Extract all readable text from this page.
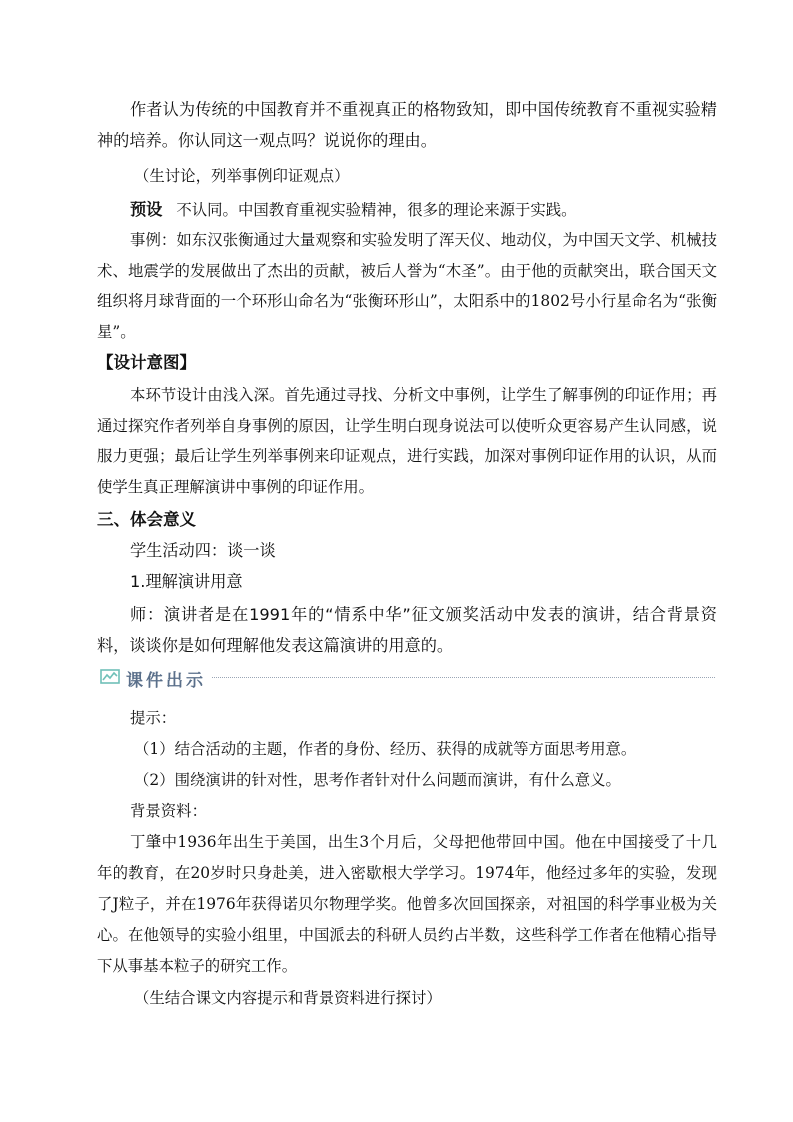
作者认为传统的中国教育并不重视真正的格物致知，即中国传统教育不重视实验精神的培养。你认同这一观点吗？说说你的理由。

（生讨论，列举事例印证观点）

预设 不认同。中国教育重视实验精神，很多的理论来源于实践。

事例：如东汉张衡通过大量观察和实验发明了浑天仪、地动仪，为中国天文学、机械技术、地震学的发展做出了杰出的贡献，被后人誉为“木圣”。由于他的贡献突出，联合国天文组织将月球背面的一个环形山命名为“张衡环形山”，太阳系中的1802号小行星命名为“张衡星”。

【设计意图】

本环节设计由浅入深。首先通过寻找、分析文中事例，让学生了解事例的印证作用；再通过探究作者列举自身事例的原因，让学生明白现身说法可以使听众更容易产生认同感，说服力更强；最后让学生列举事例来印证观点，进行实践，加深对事例印证作用的认识，从而使学生真正理解演讲中事例的印证作用。

三、体会意义

学生活动四：谈一谈

1.理解演讲用意

师：演讲者是在1991年的“情系中华”征文颁奖活动中发表的演讲，结合背景资料，谈谈你是如何理解他发表这篇演讲的用意的。

课件出示

提示：

（1）结合活动的主题，作者的身份、经历、获得的成就等方面思考用意。

（2）围绕演讲的针对性，思考作者针对什么问题而演讲，有什么意义。

背景资料：

丁肇中1936年出生于美国，出生3个月后，父母把他带回中国。他在中国接受了十几年的教育，在20岁时只身赴美，进入密歇根大学学习。1974年，他经过多年的实验，发现了J粒子，并在1976年获得诺贝尔物理学奖。他曾多次回国探亲，对祖国的科学事业极为关心。在他领导的实验小组里，中国派去的科研人员约占半数，这些科学工作者在他精心指导下从事基本粒子的研究工作。

（生结合课文内容提示和背景资料进行探讨）
